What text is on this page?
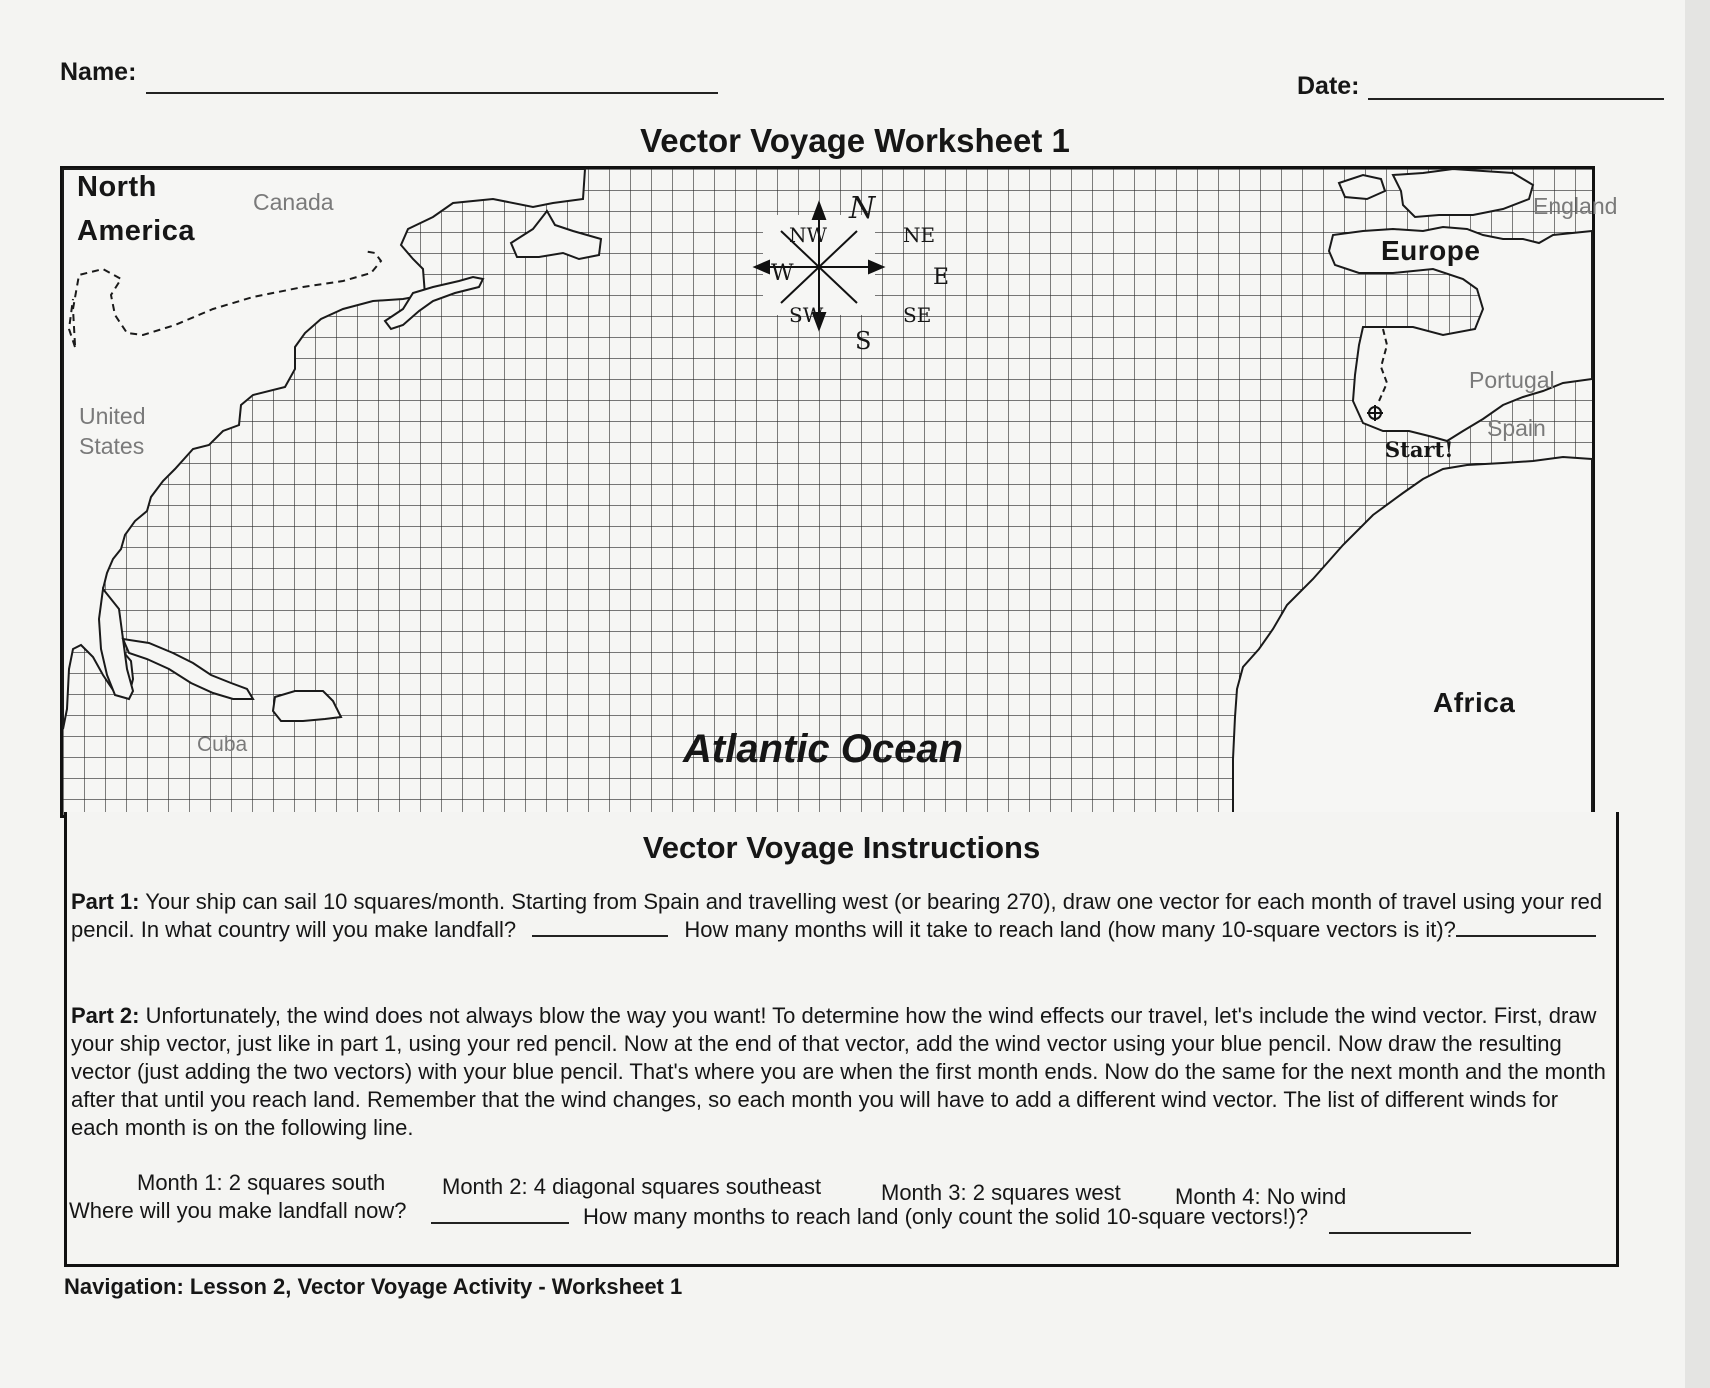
Name:	Date:
Vector Voyage Worksheet 1
North
America
Canada
United
States
Cuba	Atlantic Ocean
Europe
England
Portugal
Spain
Start!
Africa
N
NW	NE
W	E
SW	SE
S
Vector Voyage Instructions
Part 1: Your ship can sail 10 squares/month. Starting from Spain and travelling west (or bearing 270), draw one vector for each month of travel using your red pencil. In what country will you make landfall?	How many months will it take to reach land (how many 10-square vectors is it)?
Part 2: Unfortunately, the wind does not always blow the way you want! To determine how the wind effects our travel, let's include the wind vector. First, draw your ship vector, just like in part 1, using your red pencil. Now at the end of that vector, add the wind vector using your blue pencil. Now draw the resulting vector (just adding the two vectors) with your blue pencil. That's where you are when the first month ends. Now do the same for the next month and the month after that until you reach land. Remember that the wind changes, so each month you will have to add a different wind vector. The list of different winds for each month is on the following line.
Month 1: 2 squares south	Month 2: 4 diagonal squares southeast	Month 3: 2 squares west Month 4: No wind
Where will you make landfall now?	How many months to reach land (only count the solid 10-square vectors!)?
Navigation: Lesson 2, Vector Voyage Activity - Worksheet 1
